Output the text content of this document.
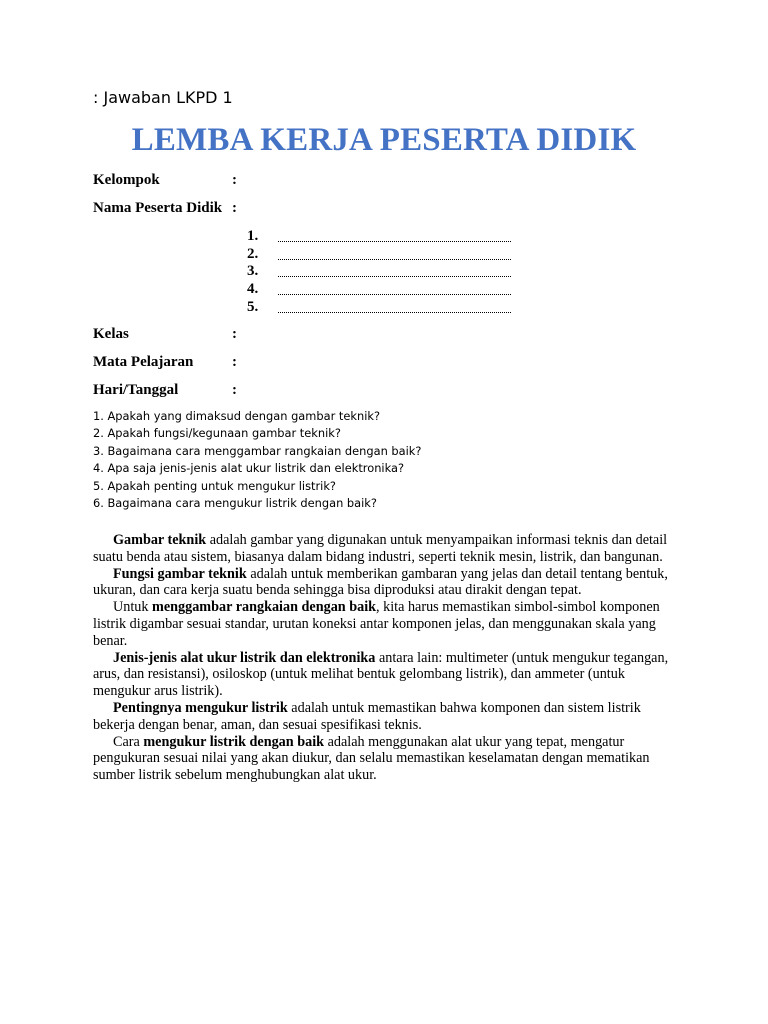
: Jawaban LKPD 1
LEMBA KERJA PESERTA DIDIK
Kelompok	:
Nama Peserta Didik :
1.
2.
3.
4.
5.
Kelas	:
Mata Pelajaran	:
Hari/Tanggal	:
1. Apakah yang dimaksud dengan gambar teknik?
2. Apakah fungsi/kegunaan gambar teknik?
3. Bagaimana cara menggambar rangkaian dengan baik?
4. Apa saja jenis-jenis alat ukur listrik dan elektronika?
5. Apakah penting untuk mengukur listrik?
6. Bagaimana cara mengukur listrik dengan baik?

Gambar teknik adalah gambar yang digunakan untuk menyampaikan informasi teknis dan detail suatu benda atau sistem, biasanya dalam bidang industri, seperti teknik mesin, listrik, dan bangunan.

Fungsi gambar teknik adalah untuk memberikan gambaran yang jelas dan detail tentang bentuk, ukuran, dan cara kerja suatu benda sehingga bisa diproduksi atau dirakit dengan tepat.

Untuk menggambar rangkaian dengan baik, kita harus memastikan simbol-simbol komponen listrik digambar sesuai standar, urutan koneksi antar komponen jelas, dan menggunakan skala yang benar.

Jenis-jenis alat ukur listrik dan elektronika antara lain: multimeter (untuk mengukur tegangan, arus, dan resistansi), osiloskop (untuk melihat bentuk gelombang listrik), dan ammeter (untuk mengukur arus listrik).

Pentingnya mengukur listrik adalah untuk memastikan bahwa komponen dan sistem listrik bekerja dengan benar, aman, dan sesuai spesifikasi teknis.

Cara mengukur listrik dengan baik adalah menggunakan alat ukur yang tepat, mengatur pengukuran sesuai nilai yang akan diukur, dan selalu memastikan keselamatan dengan mematikan sumber listrik sebelum menghubungkan alat ukur.
